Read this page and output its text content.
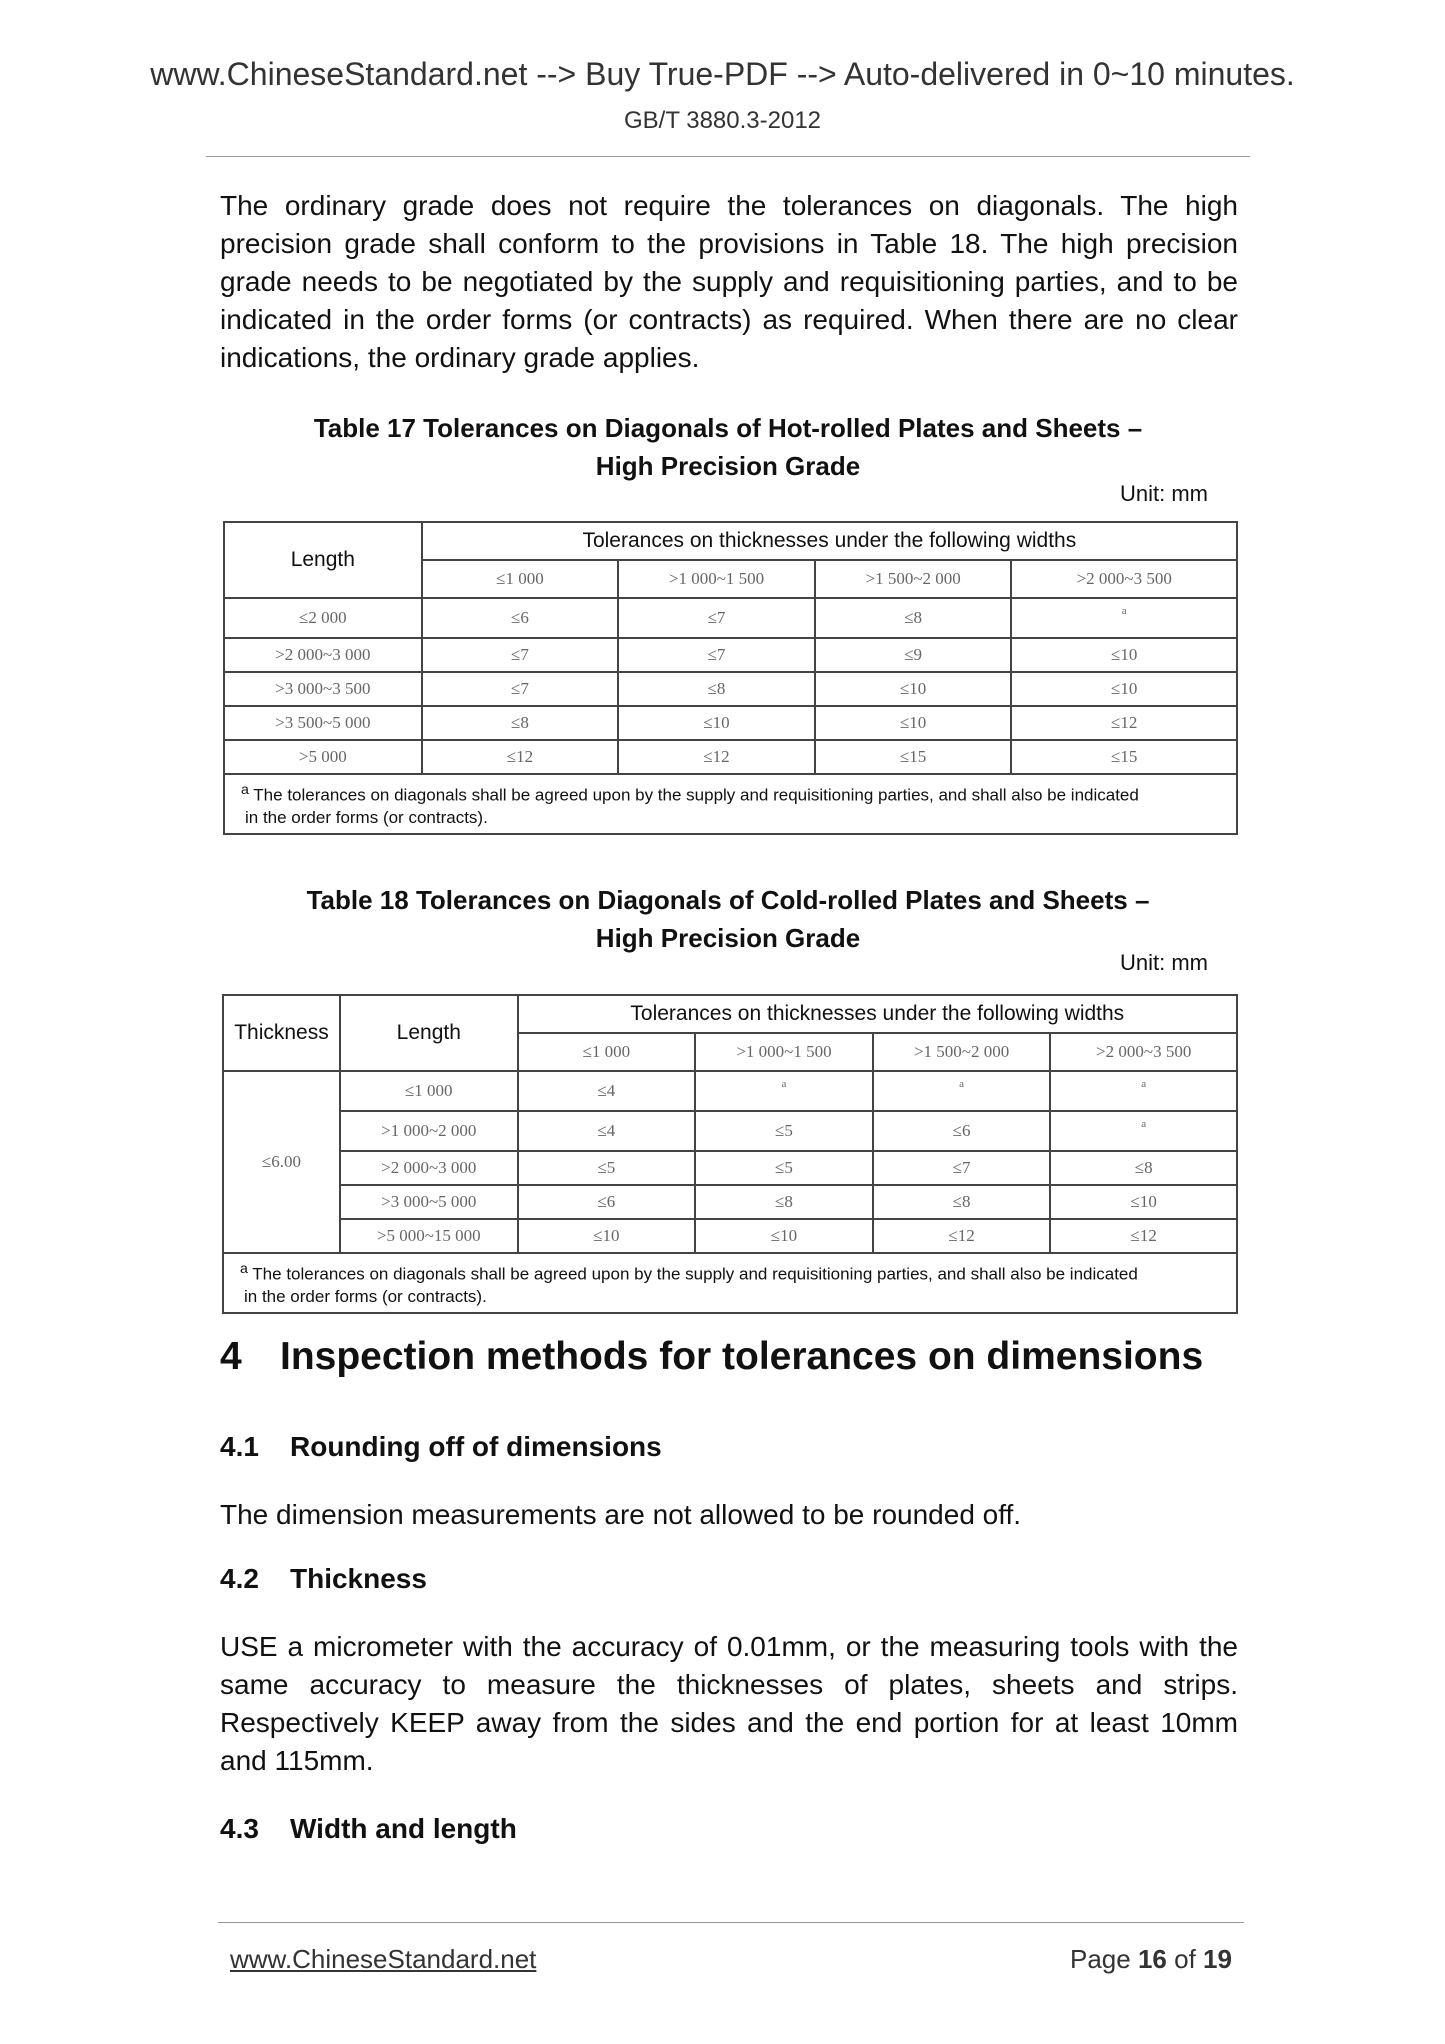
www.ChineseStandard.net --> Buy True-PDF --> Auto-delivered in 0~10 minutes.
GB/T 3880.3-2012

The ordinary grade does not require the tolerances on diagonals. The high precision grade shall conform to the provisions in Table 18. The high precision grade needs to be negotiated by the supply and requisitioning parties, and to be indicated in the order forms (or contracts) as required. When there are no clear indications, the ordinary grade applies.

Table 17 Tolerances on Diagonals of Hot-rolled Plates and Sheets –
High Precision Grade
Unit: mm
Length	Tolerances on thicknesses under the following widths			
	≤1 000	>1 000~1 500	>1 500~2 000	>2 000~3 500
≤2 000	≤6	≤7	≤8	a
>2 000~3 000	≤7	≤7	≤9	≤10
>3 000~3 500	≤7	≤8	≤10	≤10
>3 500~5 000	≤8	≤10	≤10	≤12
>5 000	≤12	≤12	≤15	≤15
$^a$ The tolerances on diagonals shall be agreed upon by the supply and requisitioning parties, and shall also be indicated
in the order forms (or contracts).				
Table 18 Tolerances on Diagonals of Cold-rolled Plates and Sheets –
High Precision Grade
Unit: mm
Thickness	Length	Tolerances on thicknesses under the following widths			
		≤1 000	>1 000~1 500	>1 500~2 000	>2 000~3 500
≤6.00	≤1 000	≤4	a	a	a
	>1 000~2 000	≤4	≤5	≤6	a
	>2 000~3 000	≤5	≤5	≤7	≤8
	>3 000~5 000	≤6	≤8	≤8	≤10
	>5 000~15 000	≤10	≤10	≤12	≤12
$^a$ The tolerances on diagonals shall be agreed upon by the supply and requisitioning parties, and shall also be indicated
in the order forms (or contracts).					
4 Inspection methods for tolerances on dimensions
4.1 Rounding off of dimensions

The dimension measurements are not allowed to be rounded off.

4.2 Thickness

USE a micrometer with the accuracy of 0.01mm, or the measuring tools with the same accuracy to measure the thicknesses of plates, sheets and strips. Respectively KEEP away from the sides and the end portion for at least 10mm and 115mm.

4.3 Width and length
www.ChineseStandard.net	Page 16 of 19
